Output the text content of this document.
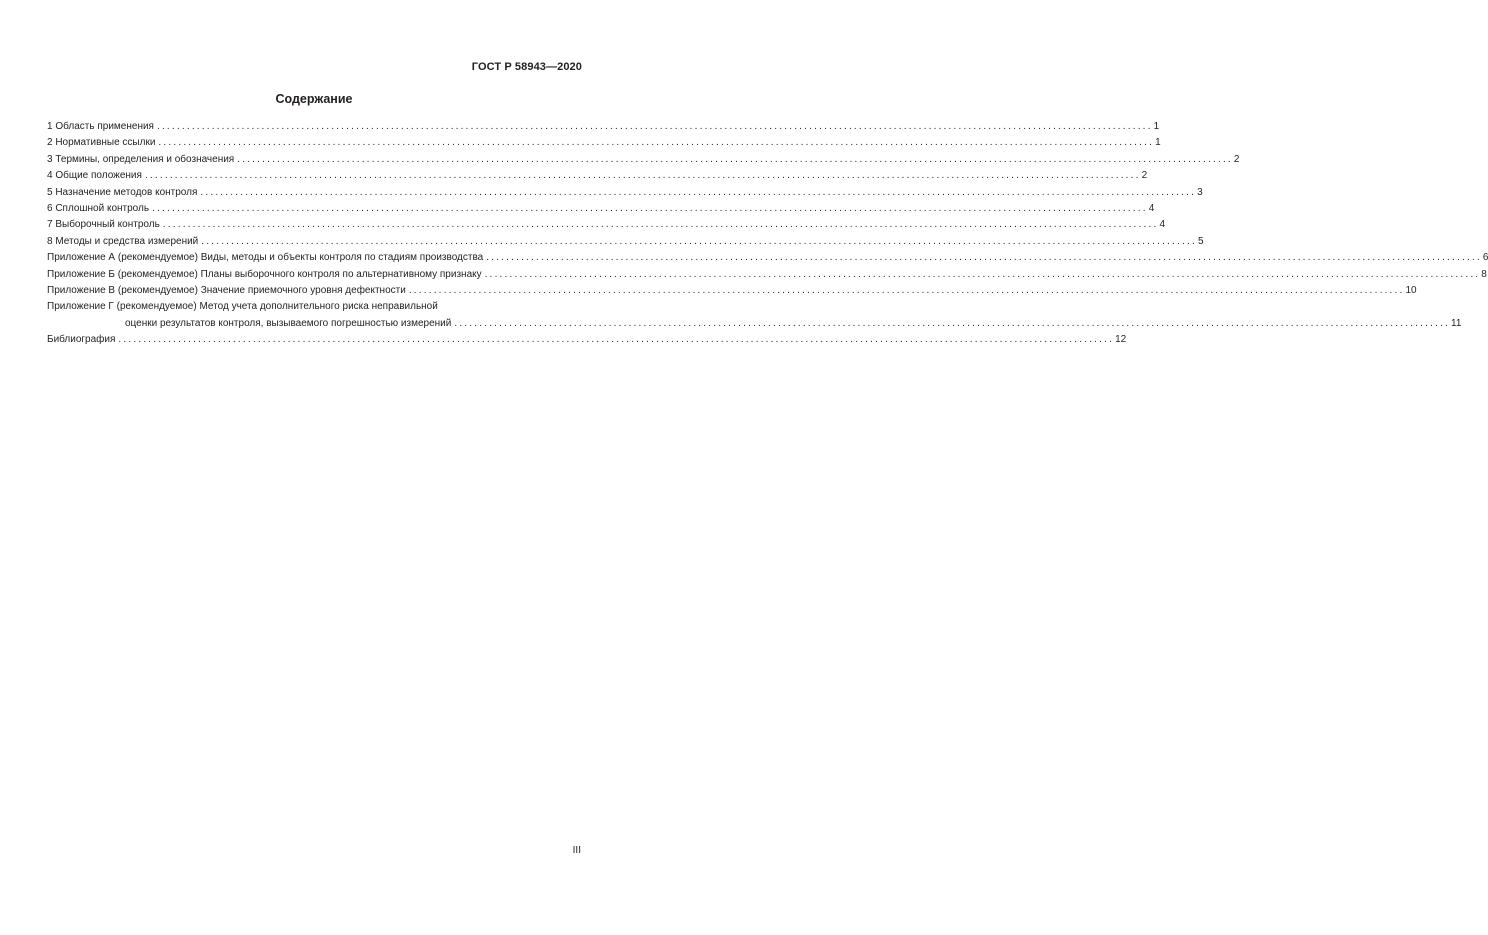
ГОСТ Р 58943—2020
Содержание
1 Область применения ........................................................................................................................................................................................................ 1
2 Нормативные ссылки ........................................................................................................................................................................................................ 1
3 Термины, определения и обозначения ........................................................................................................................................................................................................ 2
4 Общие положения ........................................................................................................................................................................................................ 2
5 Назначение методов контроля ........................................................................................................................................................................................................ 3
6 Сплошной контроль ........................................................................................................................................................................................................ 4
7 Выборочный контроль ........................................................................................................................................................................................................ 4
8 Методы и средства измерений ........................................................................................................................................................................................................ 5
Приложение А (рекомендуемое) Виды, методы и объекты контроля по стадиям производства ........................................................................................................................................................................................................ 6
Приложение Б (рекомендуемое) Планы выборочного контроля по альтернативному признаку ........................................................................................................................................................................................................ 8
Приложение В (рекомендуемое) Значение приемочного уровня дефектности ........................................................................................................................................................................................................ 10
Приложение Г (рекомендуемое) Метод учета дополнительного риска неправильной
оценки результатов контроля, вызываемого погрешностью измерений ........................................................................................................................................................................................................ 11
Библиография ........................................................................................................................................................................................................ 12
III
